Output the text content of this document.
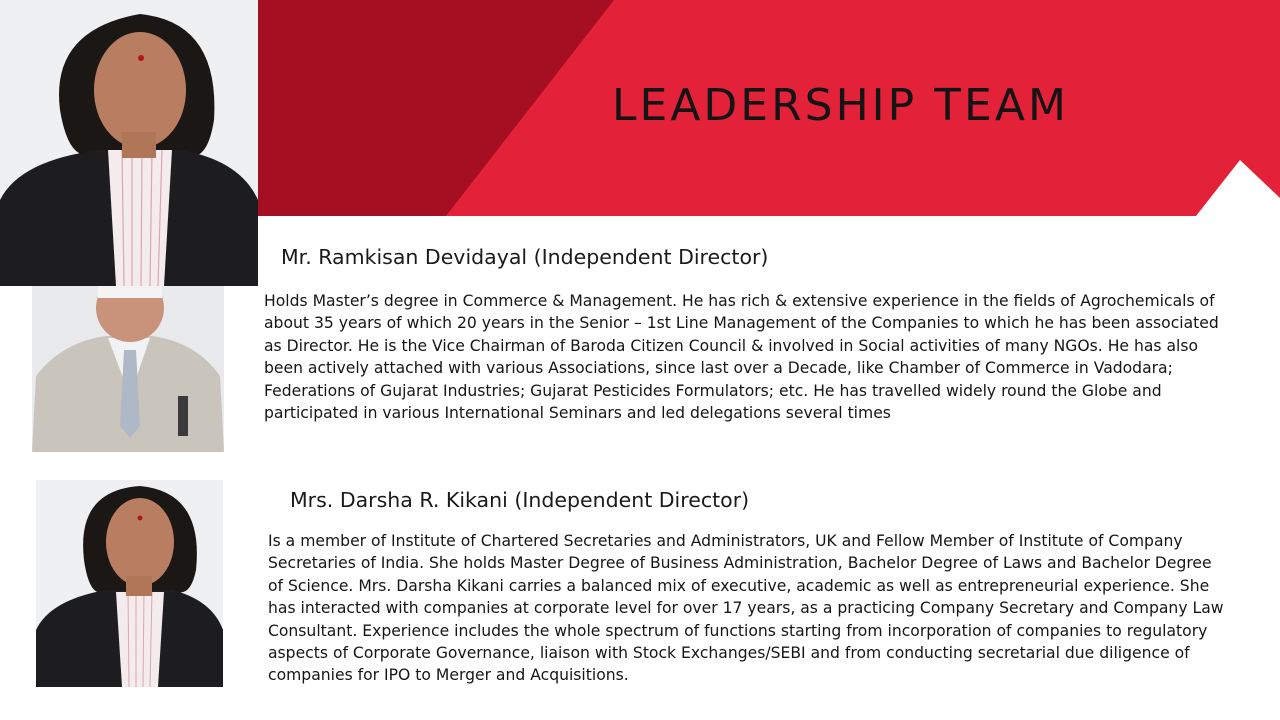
LEADERSHIP TEAM
Mr. Ramkisan Devidayal (Independent Director)

Holds Master’s degree in Commerce & Management. He has rich & extensive experience in the fields of Agrochemicals of about 35 years of which 20 years in the Senior – 1st Line Management of the Companies to which he has been associated as Director. He is the Vice Chairman of Baroda Citizen Council & involved in Social activities of many NGOs. He has also been actively attached with various Associations, since last over a Decade, like Chamber of Commerce in Vadodara; Federations of Gujarat Industries; Gujarat Pesticides Formulators; etc. He has travelled widely round the Globe and participated in various International Seminars and led delegations several times

Mrs. Darsha R. Kikani (Independent Director)

Is a member of Institute of Chartered Secretaries and Administrators, UK and Fellow Member of Institute of Company Secretaries of India. She holds Master Degree of Business Administration, Bachelor Degree of Laws and Bachelor Degree of Science. Mrs. Darsha Kikani carries a balanced mix of executive, academic as well as entrepreneurial experience. She has interacted with companies at corporate level for over 17 years, as a practicing Company Secretary and Company Law Consultant. Experience includes the whole spectrum of functions starting from incorporation of companies to regulatory aspects of Corporate Governance, liaison with Stock Exchanges/SEBI and from conducting secretarial due diligence of companies for IPO to Merger and Acquisitions.
